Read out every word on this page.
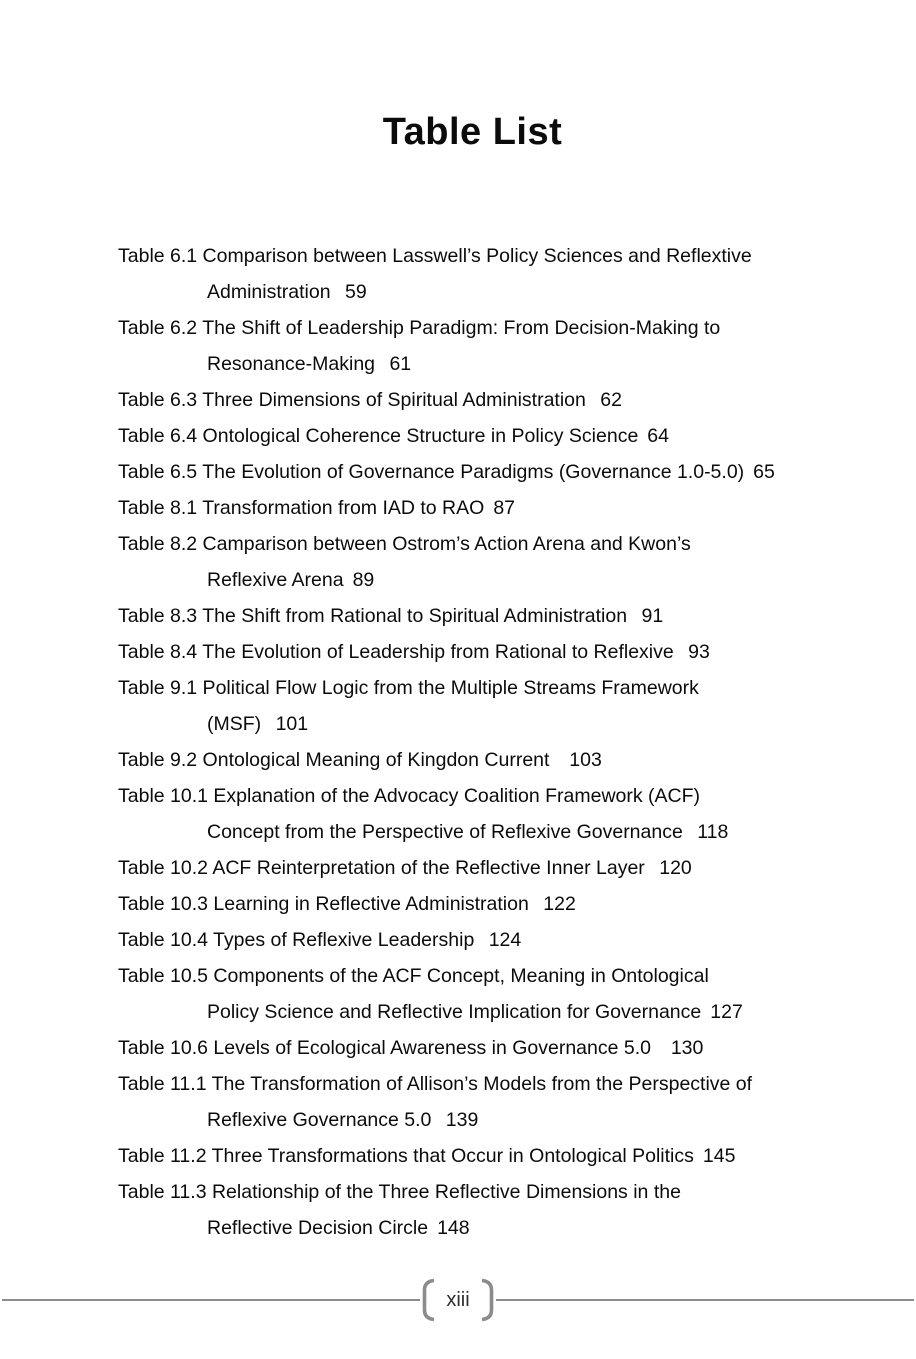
Table List
Table 6.1 Comparison between Lasswell’s Policy Sciences and Reflextive
Administration 59
Table 6.2 The Shift of Leadership Paradigm: From Decision-Making to
Resonance-Making 61
Table 6.3 Three Dimensions of Spiritual Administration 62
Table 6.4 Ontological Coherence Structure in Policy Science 64
Table 6.5 The Evolution of Governance Paradigms (Governance 1.0-5.0) 65
Table 8.1 Transformation from IAD to RAO 87
Table 8.2 Camparison between Ostrom’s Action Arena and Kwon’s
Reflexive Arena 89
Table 8.3 The Shift from Rational to Spiritual Administration 91
Table 8.4 The Evolution of Leadership from Rational to Reflexive 93
Table 9.1 Political Flow Logic from the Multiple Streams Framework
(MSF) 101
Table 9.2 Ontological Meaning of Kingdon Current 103
Table 10.1 Explanation of the Advocacy Coalition Framework (ACF)
Concept from the Perspective of Reflexive Governance 118
Table 10.2 ACF Reinterpretation of the Reflective Inner Layer 120
Table 10.3 Learning in Reflective Administration 122
Table 10.4 Types of Reflexive Leadership 124
Table 10.5 Components of the ACF Concept, Meaning in Ontological
Policy Science and Reflective Implication for Governance 127
Table 10.6 Levels of Ecological Awareness in Governance 5.0 130
Table 11.1 The Transformation of Allison’s Models from the Perspective of
Reflexive Governance 5.0 139
Table 11.2 Three Transformations that Occur in Ontological Politics 145
Table 11.3 Relationship of the Three Reflective Dimensions in the
Reflective Decision Circle 148
xiii
